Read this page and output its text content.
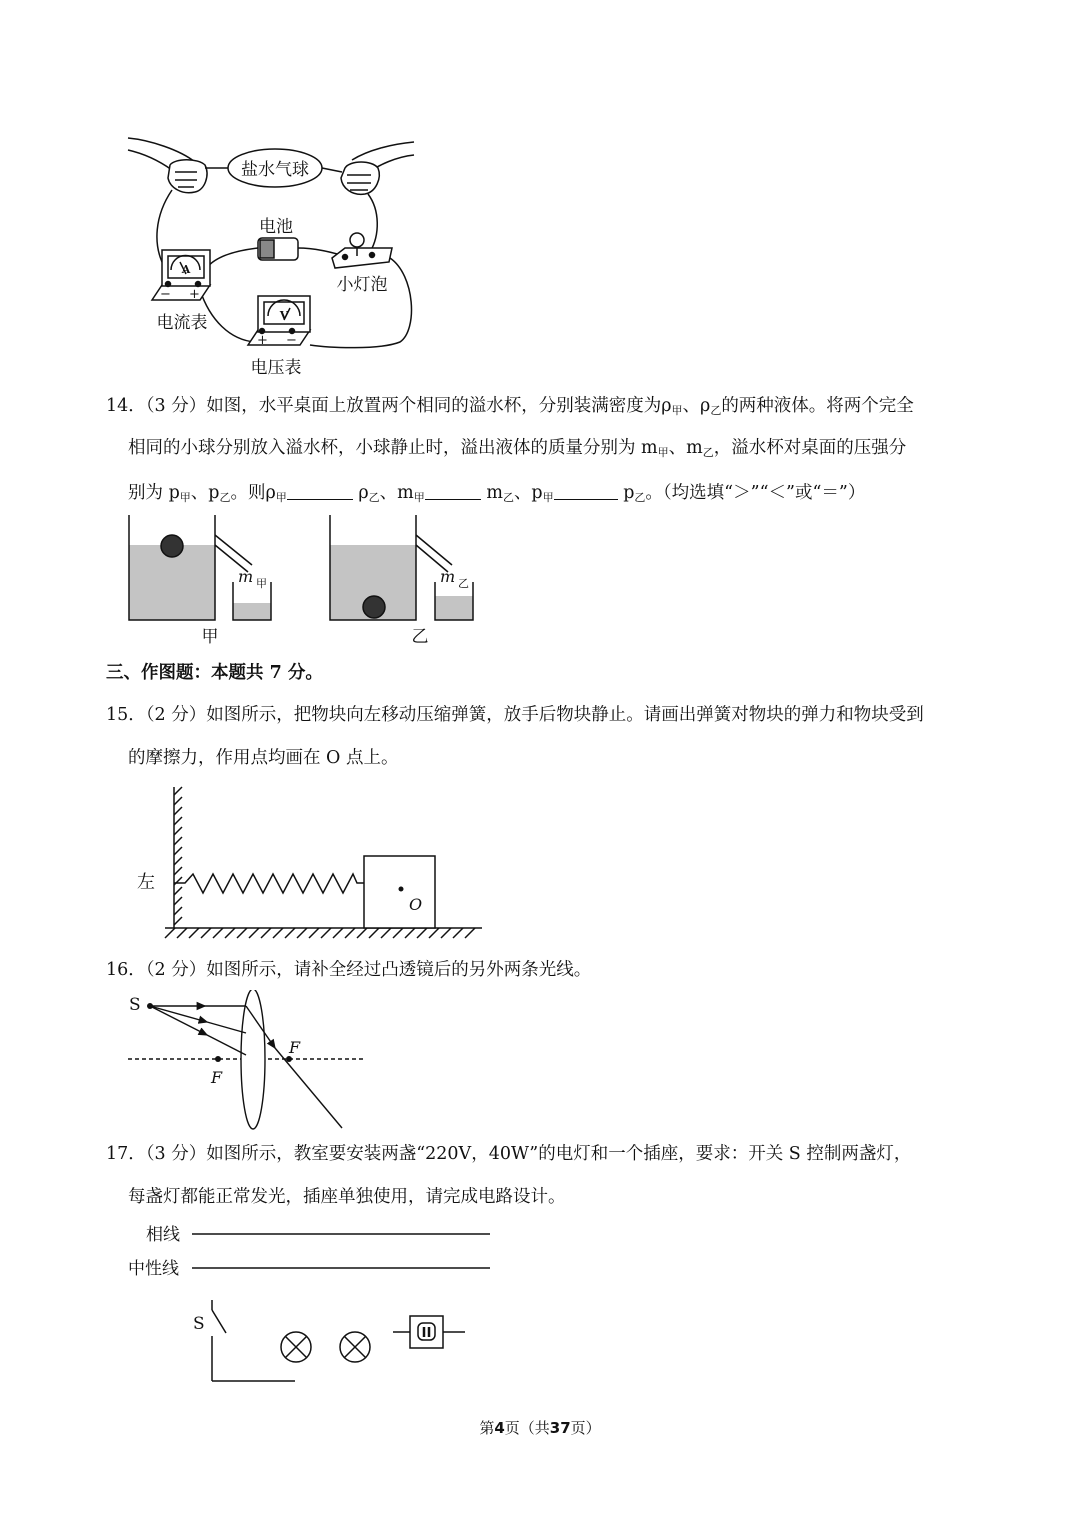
盐水气球
电池
小灯泡
电流表
电压表
A
V
− +
+ −
14．（3 分）如图，水平桌面上放置两个相同的溢水杯，分别装满密度为ρ甲、ρ乙的两种液体。将两个完全
相同的小球分别放入溢水杯，小球静止时，溢出液体的质量分别为 m甲、m乙，溢水杯对桌面的压强分
别为 p甲、p乙。则ρ甲	ρ乙、m甲	m乙、p甲	p乙。（均选填“＞”“＜”或“＝”）
m 甲	m 乙
甲	乙
三、作图题：本题共 7 分。
15．（2 分）如图所示，把物块向左移动压缩弹簧，放手后物块静止。请画出弹簧对物块的弹力和物块受到
的摩擦力，作用点均画在 O 点上。
左
O
16．（2 分）如图所示，请补全经过凸透镜后的另外两条光线。
S
F
F
17．（3 分）如图所示，教室要安装两盏“220V，40W”的电灯和一个插座，要求：开关 S 控制两盏灯，
每盏灯都能正常发光，插座单独使用，请完成电路设计。
相线
中性线
S
第4页（共37页）
